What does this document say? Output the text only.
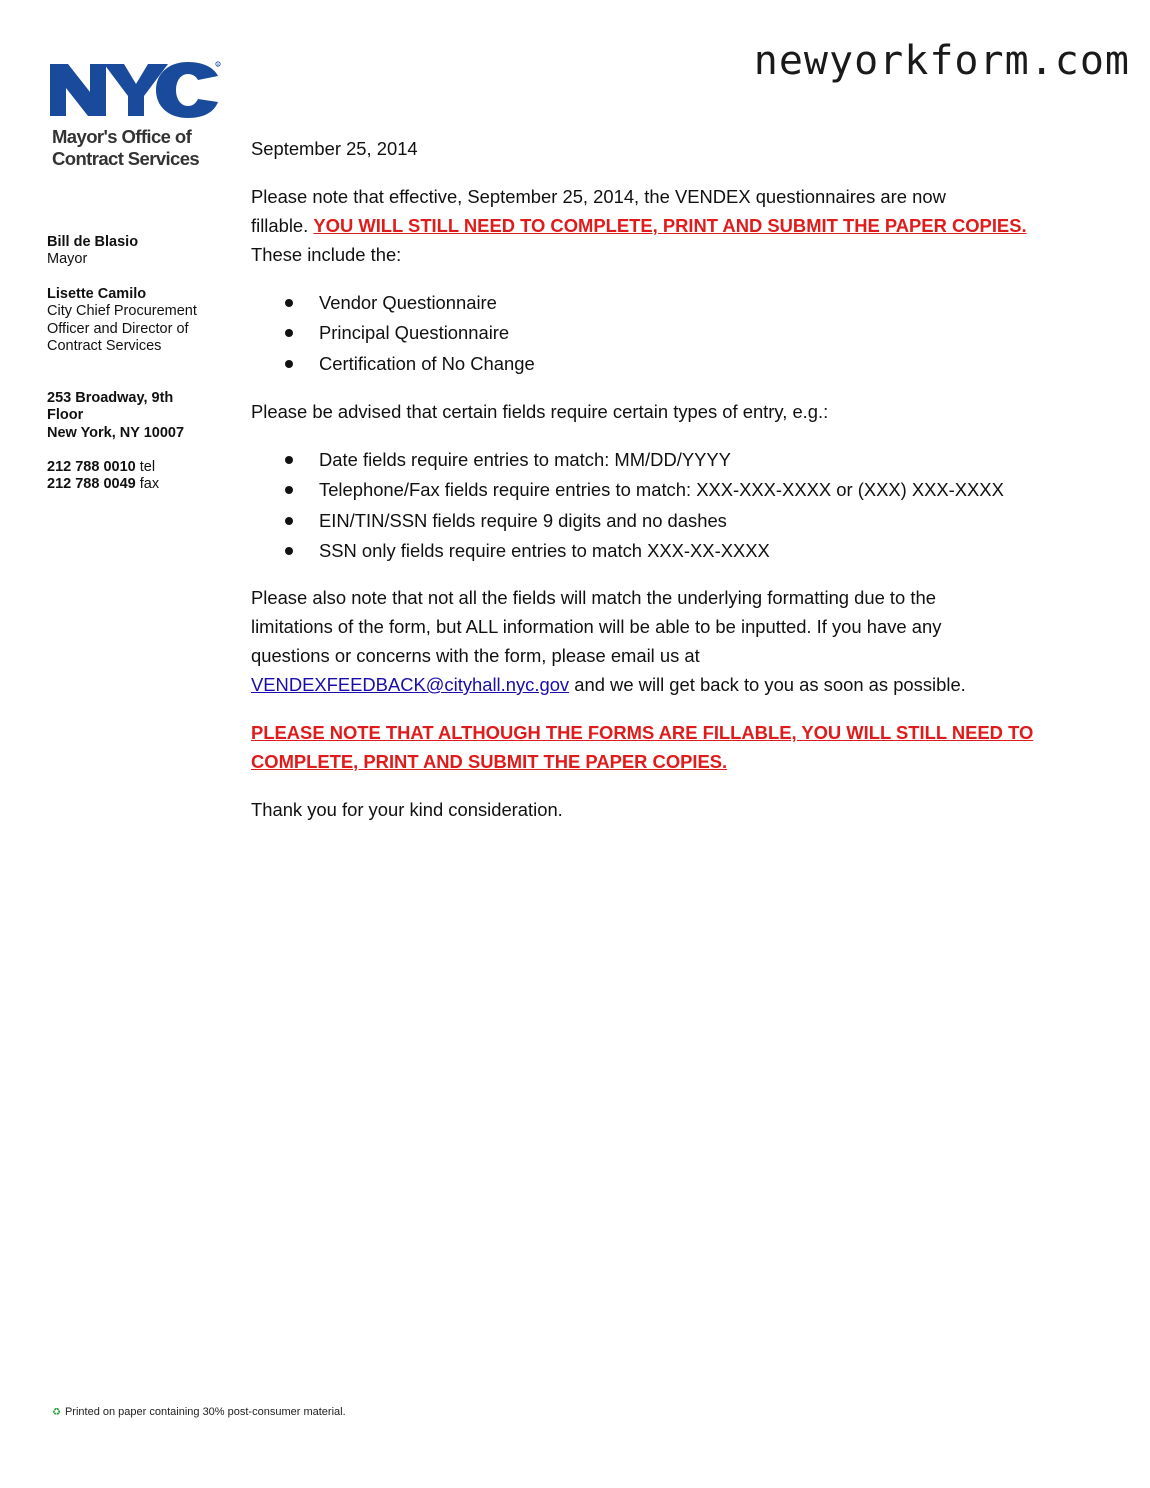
newyorkform.com
R
Mayor's Office of
Contract Services
Bill de Blasio
Mayor
Lisette Camilo
City Chief Procurement
Officer and Director of
Contract Services
253 Broadway, 9th
Floor
New York, NY 10007
212 788 0010 tel
212 788 0049 fax

September 25, 2014

Please note that effective, September 25, 2014, the VENDEX questionnaires are now

fillable. YOU WILL STILL NEED TO COMPLETE, PRINT AND SUBMIT THE PAPER COPIES.

These include the:

Vendor Questionnaire
Principal Questionnaire
Certification of No Change

Please be advised that certain fields require certain types of entry, e.g.:

Date fields require entries to match: MM/DD/YYYY
Telephone/Fax fields require entries to match: XXX-XXX-XXXX or (XXX) XXX-XXXX
EIN/TIN/SSN fields require 9 digits and no dashes
SSN only fields require entries to match XXX-XX-XXXX

Please also note that not all the fields will match the underlying formatting due to the

limitations of the form, but ALL information will be able to be inputted. If you have any

questions or concerns with the form, please email us at

VENDEXFEEDBACK@cityhall.nyc.gov and we will get back to you as soon as possible.

PLEASE NOTE THAT ALTHOUGH THE FORMS ARE FILLABLE, YOU WILL STILL NEED TO

COMPLETE, PRINT AND SUBMIT THE PAPER COPIES.

Thank you for your kind consideration.

♻ Printed on paper containing 30% post-consumer material.
